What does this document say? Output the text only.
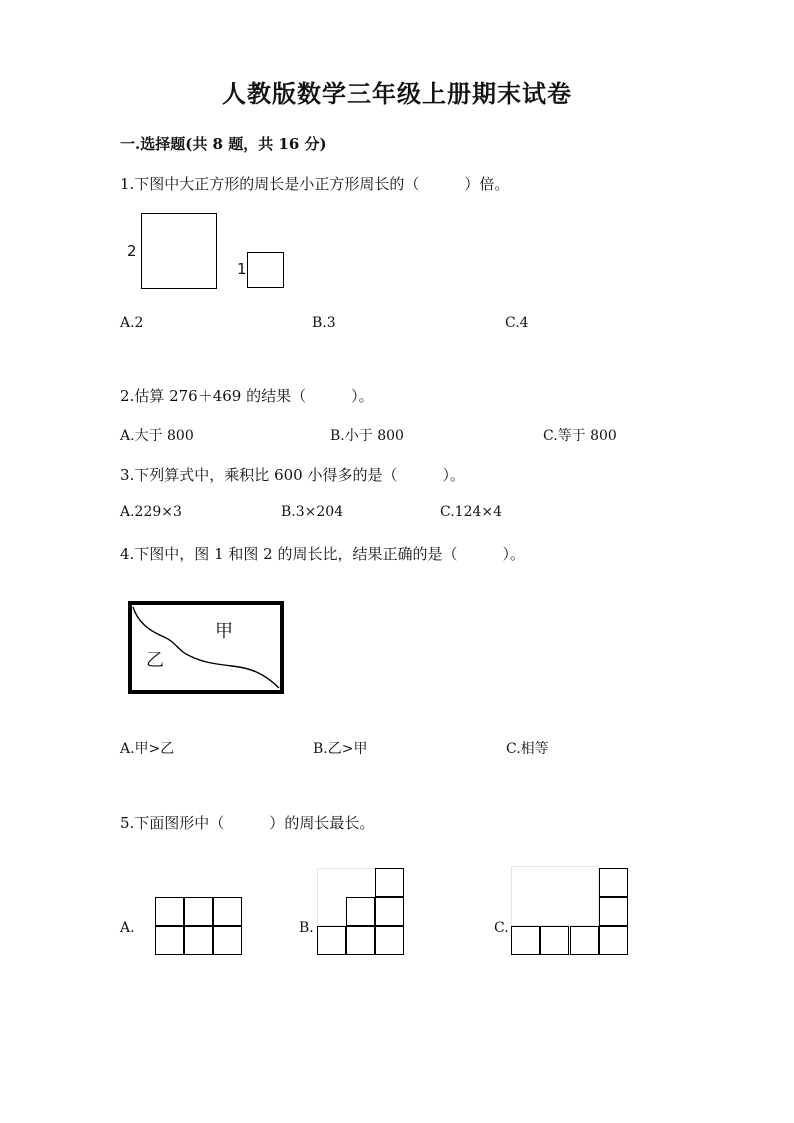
人教版数学三年级上册期末试卷
一.选择题(共 8 题，共 16 分)
1.下图中大正方形的周长是小正方形周长的（　　　）倍。
2
1
A.2	B.3	C.4
2.估算 276＋469 的结果（　　　）。
A.大于 800	B.小于 800	C.等于 800
3.下列算式中，乘积比 600 小得多的是（　　　）。
A.229×3	B.3×204	C.124×4
4.下图中，图 1 和图 2 的周长比，结果正确的是（　　　）。
甲
乙
A.甲>乙	B.乙>甲	C.相等
5.下面图形中（　　　）的周长最长。
A.	B.	C.
